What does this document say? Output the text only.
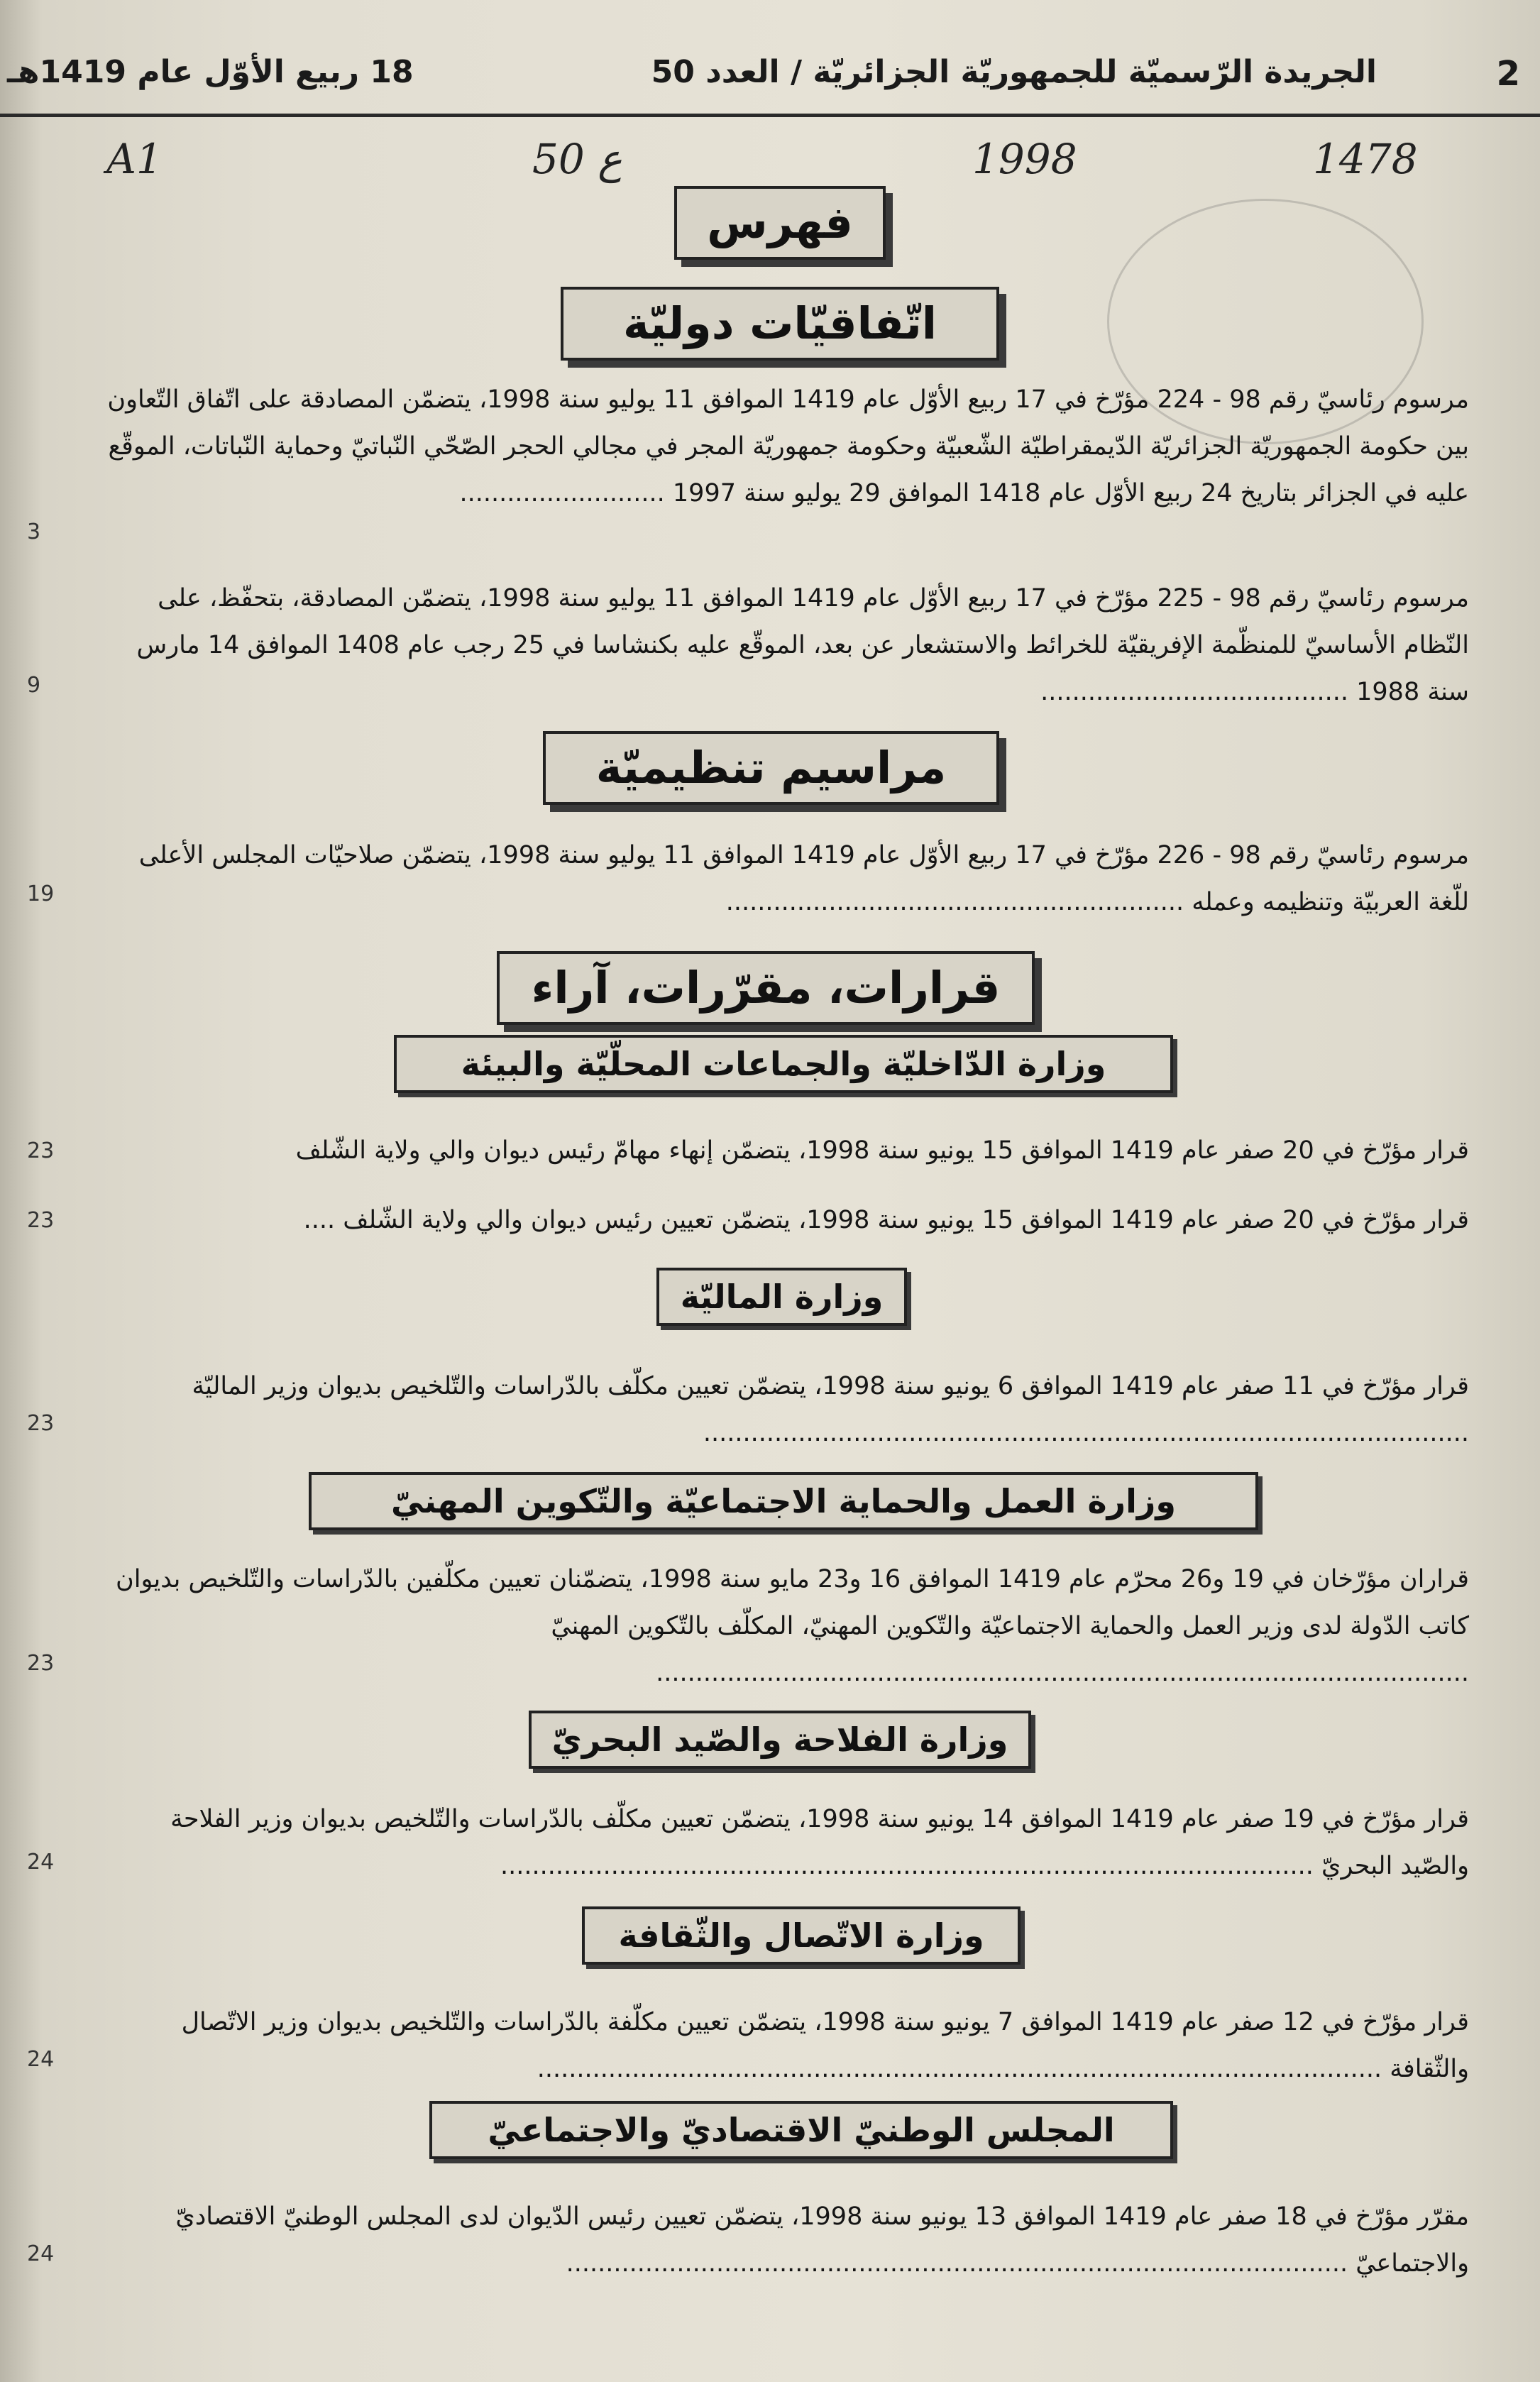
2
الجريدة الرّسميّة للجمهوريّة الجزائريّة / العدد 50
18 ربيع الأوّل عام 1419هـ
A1	ع 50	1998	1478
فهرس
اتّفاقيّات دوليّة
مرسوم رئاسيّ رقم 98 - 224 مؤرّخ في 17 ربيع الأوّل عام 1419 الموافق 11 يوليو سنة 1998، يتضمّن المصادقة على اتّفاق التّعاون بين حكومة الجمهوريّة الجزائريّة الدّيمقراطيّة الشّعبيّة وحكومة جمهوريّة المجر في مجالي الحجر الصّحّي النّباتيّ وحماية النّباتات، الموقّع عليه في الجزائر بتاريخ 24 ربيع الأوّل عام 1418 الموافق 29 يوليو سنة 1997 ..........................
3
مرسوم رئاسيّ رقم 98 - 225 مؤرّخ في 17 ربيع الأوّل عام 1419 الموافق 11 يوليو سنة 1998، يتضمّن المصادقة، بتحفّظ، على النّظام الأساسيّ للمنظّمة الإفريقيّة للخرائط والاستشعار عن بعد، الموقّع عليه بكنشاسا في 25 رجب عام 1408 الموافق 14 مارس سنة 1988 .......................................
9
مراسيم تنظيميّة
مرسوم رئاسيّ رقم 98 - 226 مؤرّخ في 17 ربيع الأوّل عام 1419 الموافق 11 يوليو سنة 1998، يتضمّن صلاحيّات المجلس الأعلى للّغة العربيّة وتنظيمه وعمله ..........................................................
19
قرارات، مقرّرات، آراء
وزارة الدّاخليّة والجماعات المحلّيّة والبيئة
قرار مؤرّخ في 20 صفر عام 1419 الموافق 15 يونيو سنة 1998، يتضمّن إنهاء مهامّ رئيس ديوان والي ولاية الشّلف
23
قرار مؤرّخ في 20 صفر عام 1419 الموافق 15 يونيو سنة 1998، يتضمّن تعيين رئيس ديوان والي ولاية الشّلف ....
23
وزارة الماليّة
قرار مؤرّخ في 11 صفر عام 1419 الموافق 6 يونيو سنة 1998، يتضمّن تعيين مكلّف بالدّراسات والتّلخيص بديوان وزير الماليّة .................................................................................................
23
وزارة العمل والحماية الاجتماعيّة والتّكوين المهنيّ
قراران مؤرّخان في 19 و26 محرّم عام 1419 الموافق 16 و23 مايو سنة 1998، يتضمّنان تعيين مكلّفين بالدّراسات والتّلخيص بديوان كاتب الدّولة لدى وزير العمل والحماية الاجتماعيّة والتّكوين المهنيّ، المكلّف بالتّكوين المهنيّ .......................................................................................................
23
وزارة الفلاحة والصّيد البحريّ
قرار مؤرّخ في 19 صفر عام 1419 الموافق 14 يونيو سنة 1998، يتضمّن تعيين مكلّف بالدّراسات والتّلخيص بديوان وزير الفلاحة والصّيد البحريّ .......................................................................................................
24
وزارة الاتّصال والثّقافة
قرار مؤرّخ في 12 صفر عام 1419 الموافق 7 يونيو سنة 1998، يتضمّن تعيين مكلّفة بالدّراسات والتّلخيص بديوان وزير الاتّصال والثّقافة ...........................................................................................................
24
المجلس الوطنيّ الاقتصاديّ والاجتماعيّ
مقرّر مؤرّخ في 18 صفر عام 1419 الموافق 13 يونيو سنة 1998، يتضمّن تعيين رئيس الدّيوان لدى المجلس الوطنيّ الاقتصاديّ والاجتماعيّ ...................................................................................................
24
